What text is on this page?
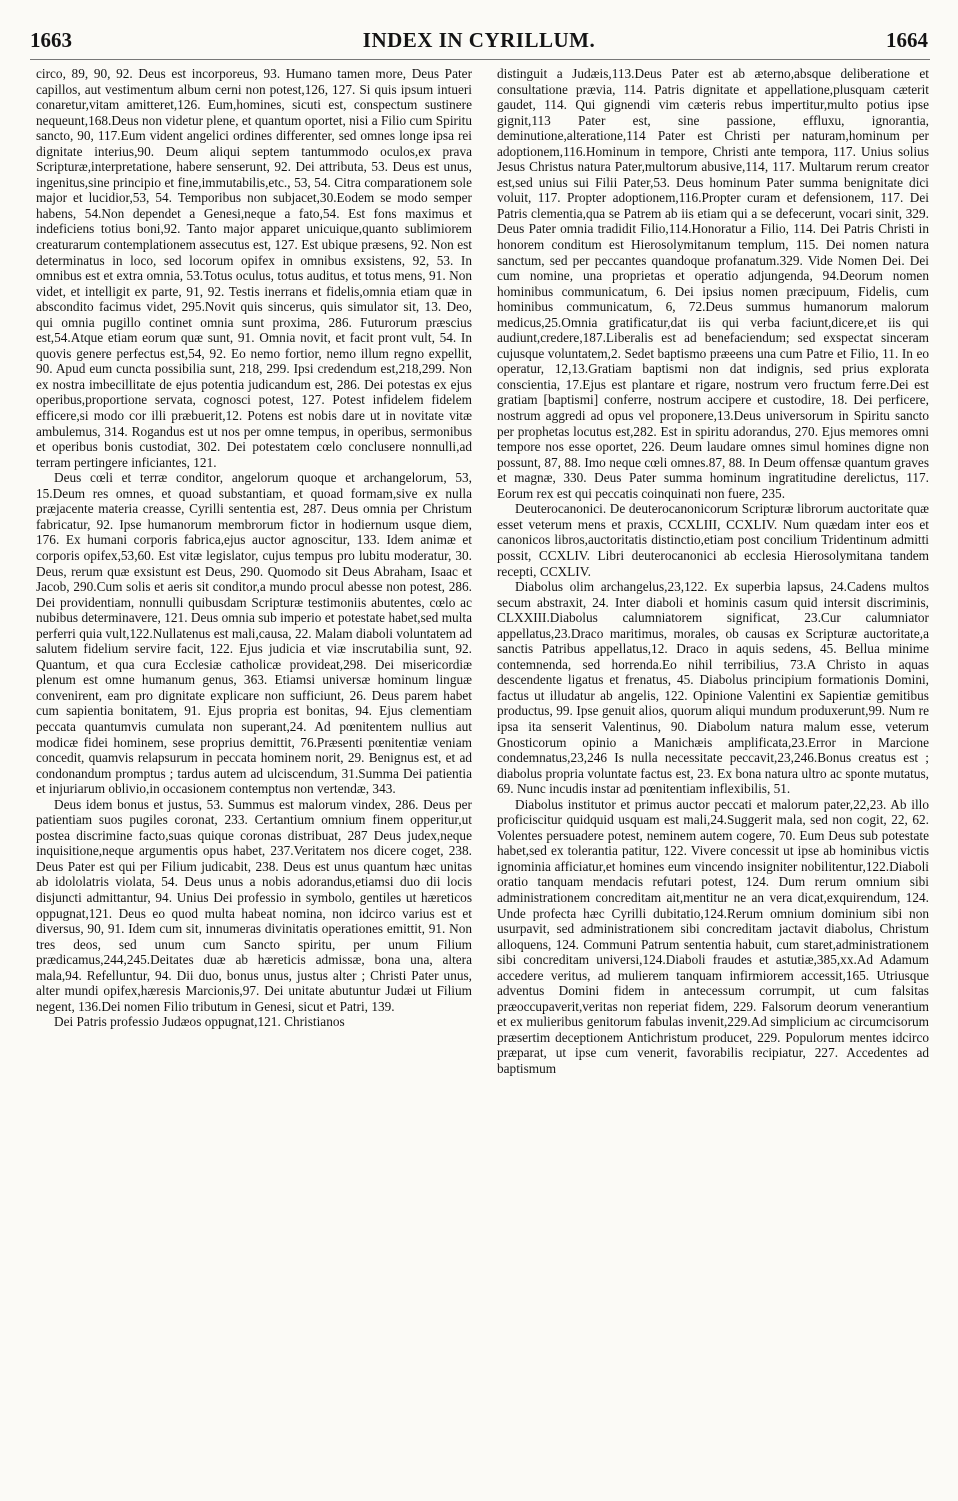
1663	INDEX IN CYRILLUM.	1664

circo, 89, 90, 92. Deus est incorporeus, 93. Humano tamen more, Deus Pater capillos, aut vestimentum album cerni non potest,126, 127. Si quis ipsum intueri conaretur,vitam amitteret,126. Eum,homines, sicuti est, conspectum sustinere nequeunt,168.Deus non videtur plene, et quantum oportet, nisi a Filio cum Spiritu sancto, 90, 117.Eum vident angelici ordines differenter, sed omnes longe ipsa rei dignitate interius,90. Deum aliqui septem tantummodo oculos,ex prava Scripturæ,interpretatione, habere senserunt, 92. Dei attributa, 53. Deus est unus, ingenitus,sine principio et fine,immutabilis,etc., 53, 54. Citra comparationem sole major et lucidior,53, 54. Temporibus non subjacet,30.Eodem se modo semper habens, 54.Non dependet a Genesi,neque a fato,54. Est fons maximus et indeficiens totius boni,92. Tanto major apparet unicuique,quanto sublimiorem creaturarum contemplationem assecutus est, 127. Est ubique præsens, 92. Non est determinatus in loco, sed locorum opifex in omnibus exsistens, 92, 53. In omnibus est et extra omnia, 53.Totus oculus, totus auditus, et totus mens, 91. Non videt, et intelligit ex parte, 91, 92. Testis inerrans et fidelis,omnia etiam quæ in abscondito facimus videt, 295.Novit quis sincerus, quis simulator sit, 13. Deo, qui omnia pugillo continet omnia sunt proxima, 286. Futurorum præscius est,54.Atque etiam eorum quæ sunt, 91. Omnia novit, et facit pront vult, 54. In quovis genere perfectus est,54, 92. Eo nemo fortior, nemo illum regno expellit, 90. Apud eum cuncta possibilia sunt, 218, 299. Ipsi credendum est,218,299. Non ex nostra imbecillitate de ejus potentia judicandum est, 286. Dei potestas ex ejus operibus,proportione servata, cognosci potest, 127. Potest infidelem fidelem efficere,si modo cor illi præbuerit,12. Potens est nobis dare ut in novitate vitæ ambulemus, 314. Rogandus est ut nos per omne tempus, in operibus, sermonibus et operibus bonis custodiat, 302. Dei potestatem cœlo conclusere nonnulli,ad terram pertingere inficiantes, 121.

Deus cœli et terræ conditor, angelorum quoque et archangelorum, 53, 15.Deum res omnes, et quoad substantiam, et quoad formam,sive ex nulla præjacente materia creasse, Cyrilli sententia est, 287. Deus omnia per Christum fabricatur, 92. Ipse humanorum membrorum fictor in hodiernum usque diem, 176. Ex humani corporis fabrica,ejus auctor agnoscitur, 133. Idem animæ et corporis opifex,53,60. Est vitæ legislator, cujus tempus pro lubitu moderatur, 30. Deus, rerum quæ exsistunt est Deus, 290. Quomodo sit Deus Abraham, Isaac et Jacob, 290.Cum solis et aeris sit conditor,a mundo procul abesse non potest, 286. Dei providentiam, nonnulli quibusdam Scripturæ testimoniis abutentes, cœlo ac nubibus determinavere, 121. Deus omnia sub imperio et potestate habet,sed multa perferri quia vult,122.Nullatenus est mali,causa, 22. Malam diaboli voluntatem ad salutem fidelium servire facit, 122. Ejus judicia et viæ inscrutabilia sunt, 92. Quantum, et qua cura Ecclesiæ catholicæ provideat,298. Dei misericordiæ plenum est omne humanum genus, 363. Etiamsi universæ hominum linguæ convenirent, eam pro dignitate explicare non sufficiunt, 26. Deus parem habet cum sapientia bonitatem, 91. Ejus propria est bonitas, 94. Ejus clementiam peccata quantumvis cumulata non superant,24. Ad pœnitentem nullius aut modicæ fidei hominem, sese proprius demittit, 76.Præsenti pœnitentiæ veniam concedit, quamvis relapsurum in peccata hominem norit, 29. Benignus est, et ad condonandum promptus ; tardus autem ad ulciscendum, 31.Summa Dei patientia et injuriarum oblivio,in occasionem contemptus non vertendæ, 343.

Deus idem bonus et justus, 53. Summus est malorum vindex, 286. Deus per patientiam suos pugiles coronat, 233. Certantium omnium finem opperitur,ut postea discrimine facto,suas quique coronas distribuat, 287 Deus judex,neque inquisitione,neque argumentis opus habet, 237.Veritatem nos dicere coget, 238. Deus Pater est qui per Filium judicabit, 238. Deus est unus quantum hæc unitas ab idololatris violata, 54. Deus unus a nobis adorandus,etiamsi duo dii locis disjuncti admittantur, 94. Unius Dei professio in symbolo, gentiles ut hæreticos oppugnat,121. Deus eo quod multa habeat nomina, non idcirco varius est et diversus, 90, 91. Idem cum sit, innumeras divinitatis operationes emittit, 91. Non tres deos, sed unum cum Sancto spiritu, per unum Filium prædicamus,244,245.Deitates duæ ab hæreticis admissæ, bona una, altera mala,94. Refelluntur, 94. Dii duo, bonus unus, justus alter ; Christi Pater unus, alter mundi opifex,hæresis Marcionis,97. Dei unitate abutuntur Judæi ut Filium negent, 136.Dei nomen Filio tributum in Genesi, sicut et Patri, 139.

Dei Patris professio Judæos oppugnat,121. Christianos

distinguit a Judæis,113.Deus Pater est ab æterno,absque deliberatione et consultatione prævia, 114. Patris dignitate et appellatione,plusquam cæterit gaudet, 114. Qui gignendi vim cæteris rebus impertitur,multo potius ipse gignit,113 Pater est, sine passione, effluxu, ignorantia, deminutione,alteratione,114 Pater est Christi per naturam,hominum per adoptionem,116.Hominum in tempore, Christi ante tempora, 117. Unius solius Jesus Christus natura Pater,multorum abusive,114, 117. Multarum rerum creator est,sed unius sui Filii Pater,53. Deus hominum Pater summa benignitate dici voluit, 117. Propter adoptionem,116.Propter curam et defensionem, 117. Dei Patris clementia,qua se Patrem ab iis etiam qui a se defecerunt, vocari sinit, 329. Deus Pater omnia tradidit Filio,114.Honoratur a Filio, 114. Dei Patris Christi in honorem conditum est Hierosolymitanum templum, 115. Dei nomen natura sanctum, sed per peccantes quandoque profanatum.329. Vide Nomen Dei. Dei cum nomine, una proprietas et operatio adjungenda, 94.Deorum nomen hominibus communicatum, 6. Dei ipsius nomen præcipuum, Fidelis, cum hominibus communicatum, 6, 72.Deus summus humanorum malorum medicus,25.Omnia gratificatur,dat iis qui verba faciunt,dicere,et iis qui audiunt,credere,187.Liberalis est ad benefaciendum; sed exspectat sinceram cujusque voluntatem,2. Sedet baptismo præeens una cum Patre et Filio, 11. In eo operatur, 12,13.Gratiam baptismi non dat indignis, sed prius exploratа conscientia, 17.Ejus est plantare et rigare, nostrum vero fructum ferre.Dei est gratiam [baptismi] conferre, nostrum accipere et custodire, 18. Dei perficere, nostrum aggredi ad opus vel proponere,13.Deus universorum in Spiritu sancto per prophetas locutus est,282. Est in spiritu adorandus, 270. Ejus memores omni tempore nos esse oportet, 226. Deum laudare omnes simul homines digne non possunt, 87, 88. Imo neque cœli omnes.87, 88. In Deum offensæ quantum graves et magnæ, 330. Deus Pater summa hominum ingratitudine derelictus, 117. Eorum rex est qui peccatis coinquinati non fuere, 235.

Deuterocanonici. De deuterocanonicorum Scripturæ librorum auctoritate quæ esset veterum mens et praxis, CCXLIII, CCXLIV. Num quædam inter eos et canonicos libros,auctoritatis distinctio,etiam post concilium Tridentinum admitti possit, CCXLIV. Libri deuterocanonici ab ecclesia Hierosolymitana tandem recepti, CCXLIV.

Diabolus olim archangelus,23,122. Ex superbia lapsus, 24.Cadens multos secum abstraxit, 24. Inter diaboli et hominis casum quid intersit discriminis, CLXXIII.Diabolus calumniatorem significat, 23.Cur calumniator appellatus,23.Draco maritimus, morales, ob causas ex Scripturæ auctoritate,a sanctis Patribus appellatus,12. Draco in aquis sedens, 45. Bellua minime contemnenda, sed horrenda.Eo nihil terribilius, 73.A Christo in aquas descendente ligatus et frenatus, 45. Diabolus principium formationis Domini, factus ut illudatur ab angelis, 122. Opinione Valentini ex Sapientiæ gemitibus productus, 99. Ipse genuit alios, quorum aliqui mundum produxerunt,99. Num re ipsa ita senserit Valentinus, 90. Diabolum natura malum esse, veterum Gnosticorum opinio a Manichæis amplificata,23.Error in Marcione condemnatus,23,246 Is nulla necessitate peccavit,23,246.Bonus creatus est ; diabolus propria voluntate factus est, 23. Ex bona natura ultro ac sponte mutatus, 69. Nunc incudis instar ad pœnitentiam inflexibilis, 51.

Diabolus institutor et primus auctor peccati et malorum pater,22,23. Ab illo proficiscitur quidquid usquam est mali,24.Suggerit mala, sed non cogit, 22, 62. Volentes persuadere potest, neminem autem cogere, 70. Eum Deus sub potestate habet,sed ex tolerantia patitur, 122. Vivere concessit ut ipse ab hominibus victis ignominia afficiatur,et homines eum vincendo insigniter nobilitentur,122.Diaboli oratio tanquam mendacis refutari potest, 124. Dum rerum omnium sibi administrationem concreditam ait,mentitur ne an vera dicat,exquirendum, 124. Unde profecta hæc Cyrilli dubitatio,124.Rerum omnium dominium sibi non usurpavit, sed administrationem sibi concreditam jactavit diabolus, Christum alloquens, 124. Communi Patrum sententia habuit, cum staret,administrationem sibi concreditam universi,124.Diaboli fraudes et astutiæ,385,xx.Ad Adamum accedere veritus, ad mulierem tanquam infirmiorem accessit,165. Utriusque adventus Domini fidem in antecessum corrumpit, ut cum falsitas præoccupaverit,veritas non reperiat fidem, 229. Falsorum deorum venerantium et ex mulieribus genitorum fabulas invenit,229.Ad simplicium ac circumcisorum præsertim deceptionem Antichristum producet, 229. Populorum mentes idcirco præparat, ut ipse cum venerit, favorabilis recipiatur, 227. Accedentes ad baptismum
